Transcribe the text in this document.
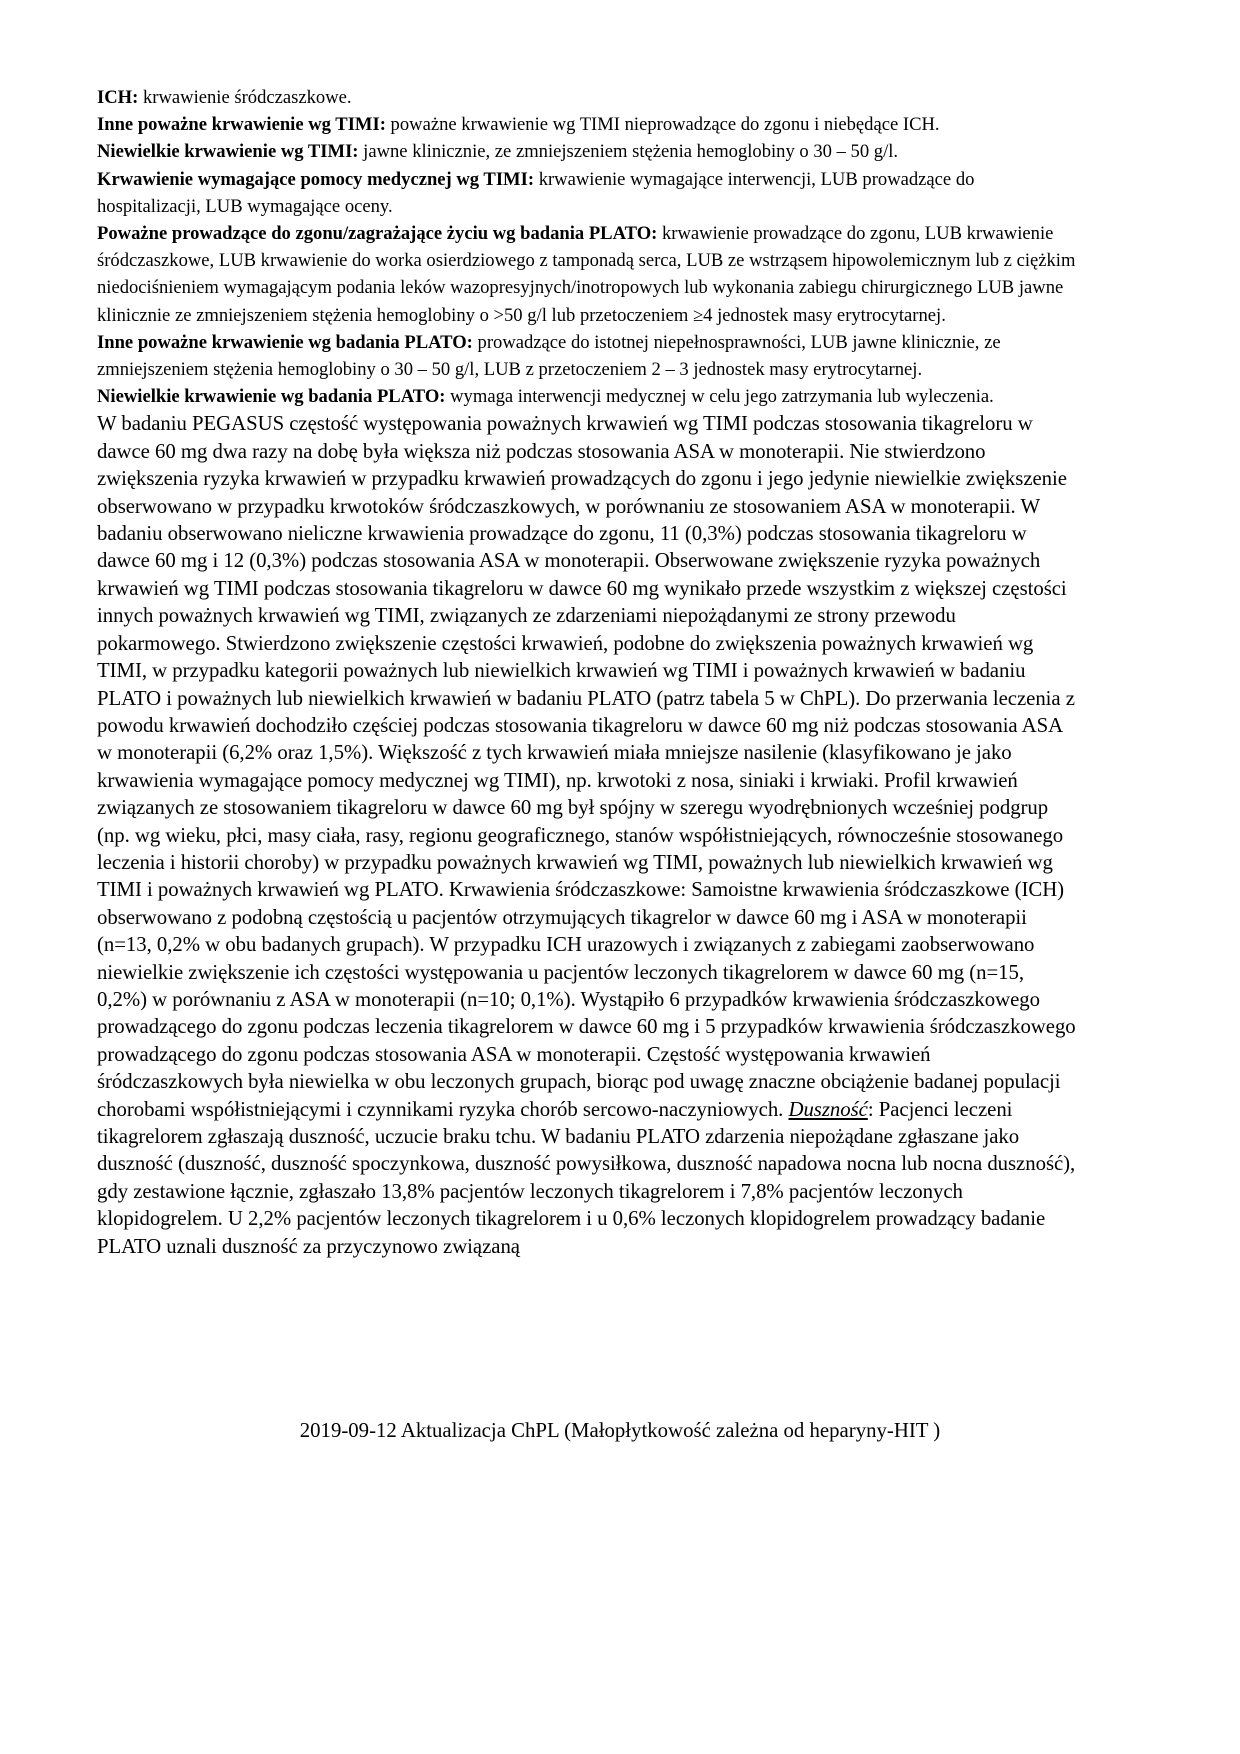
ICH: krwawienie śródczaszkowe.

Inne poważne krwawienie wg TIMI: poważne krwawienie wg TIMI nieprowadzące do zgonu i niebędące ICH.

Niewielkie krwawienie wg TIMI: jawne klinicznie, ze zmniejszeniem stężenia hemoglobiny o 30 – 50 g/l.

Krwawienie wymagające pomocy medycznej wg TIMI: krwawienie wymagające interwencji, LUB prowadzące do hospitalizacji, LUB wymagające oceny.

Poważne prowadzące do zgonu/zagrażające życiu wg badania PLATO: krwawienie prowadzące do zgonu, LUB krwawienie śródczaszkowe, LUB krwawienie do worka osierdziowego z tamponadą serca, LUB ze wstrząsem hipowolemicznym lub z ciężkim niedociśnieniem wymagającym podania leków wazopresyjnych/inotropowych lub wykonania zabiegu chirurgicznego LUB jawne klinicznie ze zmniejszeniem stężenia hemoglobiny o >50 g/l lub przetoczeniem ≥4 jednostek masy erytrocytarnej.

Inne poważne krwawienie wg badania PLATO: prowadzące do istotnej niepełnosprawności, LUB jawne klinicznie, ze zmniejszeniem stężenia hemoglobiny o 30 – 50 g/l, LUB z przetoczeniem 2 – 3 jednostek masy erytrocytarnej.

Niewielkie krwawienie wg badania PLATO: wymaga interwencji medycznej w celu jego zatrzymania lub wyleczenia.

W badaniu PEGASUS częstość występowania poważnych krwawień wg TIMI podczas stosowania tikagreloru w dawce 60 mg dwa razy na dobę była większa niż podczas stosowania ASA w monoterapii. Nie stwierdzono zwiększenia ryzyka krwawień w przypadku krwawień prowadzących do zgonu i jego jedynie niewielkie zwiększenie obserwowano w przypadku krwotoków śródczaszkowych, w porównaniu ze stosowaniem ASA w monoterapii. W badaniu obserwowano nieliczne krwawienia prowadzące do zgonu, 11 (0,3%) podczas stosowania tikagreloru w dawce 60 mg i 12 (0,3%) podczas stosowania ASA w monoterapii. Obserwowane zwiększenie ryzyka poważnych krwawień wg TIMI podczas stosowania tikagreloru w dawce 60 mg wynikało przede wszystkim z większej częstości innych poważnych krwawień wg TIMI, związanych ze zdarzeniami niepożądanymi ze strony przewodu pokarmowego. Stwierdzono zwiększenie częstości krwawień, podobne do zwiększenia poważnych krwawień wg TIMI, w przypadku kategorii poważnych lub niewielkich krwawień wg TIMI i poważnych krwawień w badaniu PLATO i poważnych lub niewielkich krwawień w badaniu PLATO (patrz tabela 5 w ChPL). Do przerwania leczenia z powodu krwawień dochodziło częściej podczas stosowania tikagreloru w dawce 60 mg niż podczas stosowania ASA w monoterapii (6,2% oraz 1,5%). Większość z tych krwawień miała mniejsze nasilenie (klasyfikowano je jako krwawienia wymagające pomocy medycznej wg TIMI), np. krwotoki z nosa, siniaki i krwiaki. Profil krwawień związanych ze stosowaniem tikagreloru w dawce 60 mg był spójny w szeregu wyodrębnionych wcześniej podgrup (np. wg wieku, płci, masy ciała, rasy, regionu geograficznego, stanów współistniejących, równocześnie stosowanego leczenia i historii choroby) w przypadku poważnych krwawień wg TIMI, poważnych lub niewielkich krwawień wg TIMI i poważnych krwawień wg PLATO. Krwawienia śródczaszkowe: Samoistne krwawienia śródczaszkowe (ICH) obserwowano z podobną częstością u pacjentów otrzymujących tikagrelor w dawce 60 mg i ASA w monoterapii (n=13, 0,2% w obu badanych grupach). W przypadku ICH urazowych i związanych z zabiegami zaobserwowano niewielkie zwiększenie ich częstości występowania u pacjentów leczonych tikagrelorem w dawce 60 mg (n=15, 0,2%) w porównaniu z ASA w monoterapii (n=10; 0,1%). Wystąpiło 6 przypadków krwawienia śródczaszkowego prowadzącego do zgonu podczas leczenia tikagrelorem w dawce 60 mg i 5 przypadków krwawienia śródczaszkowego prowadzącego do zgonu podczas stosowania ASA w monoterapii. Częstość występowania krwawień śródczaszkowych była niewielka w obu leczonych grupach, biorąc pod uwagę znaczne obciążenie badanej populacji chorobami współistniejącymi i czynnikami ryzyka chorób sercowo-naczyniowych. Duszność: Pacjenci leczeni tikagrelorem zgłaszają duszność, uczucie braku tchu. W badaniu PLATO zdarzenia niepożądane zgłaszane jako duszność (duszność, duszność spoczynkowa, duszność powysiłkowa, duszność napadowa nocna lub nocna duszność), gdy zestawione łącznie, zgłaszało 13,8% pacjentów leczonych tikagrelorem i 7,8% pacjentów leczonych klopidogrelem. U 2,2% pacjentów leczonych tikagrelorem i u 0,6% leczonych klopidogrelem prowadzący badanie PLATO uznali duszność za przyczynowo związaną

2019-09-12 Aktualizacja ChPL (Małopłytkowość zależna od heparyny-HIT )
